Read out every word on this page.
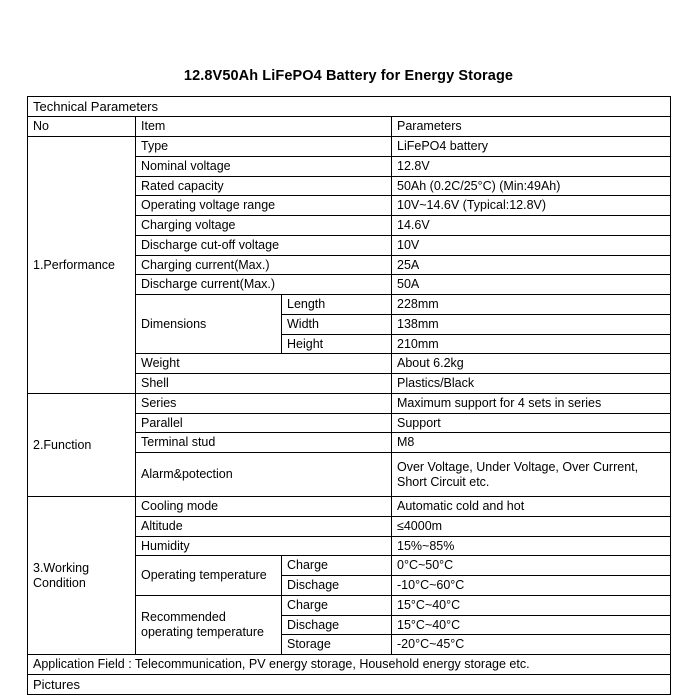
12.8V50Ah LiFePO4 Battery for Energy Storage
Technical Parameters			
No	Item		Parameters
1.Performance	Type		LiFePO4 battery
	Nominal voltage		12.8V
	Rated capacity		50Ah (0.2C/25°C) (Min:49Ah)
	Operating voltage range		10V~14.6V (Typical:12.8V)
	Charging voltage		14.6V
	Discharge cut-off voltage		10V
	Charging current(Max.)		25A
	Discharge current(Max.)		50A
	Dimensions	Length	228mm
		Width	138mm
		Height	210mm
	Weight		About 6.2kg
	Shell		Plastics/Black
2.Function	Series		Maximum support for 4 sets in series
	Parallel		Support
	Terminal stud		M8
	Alarm&potection		Over Voltage, Under Voltage, Over Current, Short Circuit etc.
3.Working Condition	Cooling mode		Automatic cold and hot
	Altitude		≤4000m
	Humidity		15%~85%
	Operating temperature	Charge	0°C~50°C
		Dischage	-10°C~60°C
	Recommended operating temperature	Charge	15°C~40°C
		Dischage	15°C~40°C
		Storage	-20°C~45°C
Application Field : Telecommunication, PV energy storage, Household energy storage etc.			
Pictures			
